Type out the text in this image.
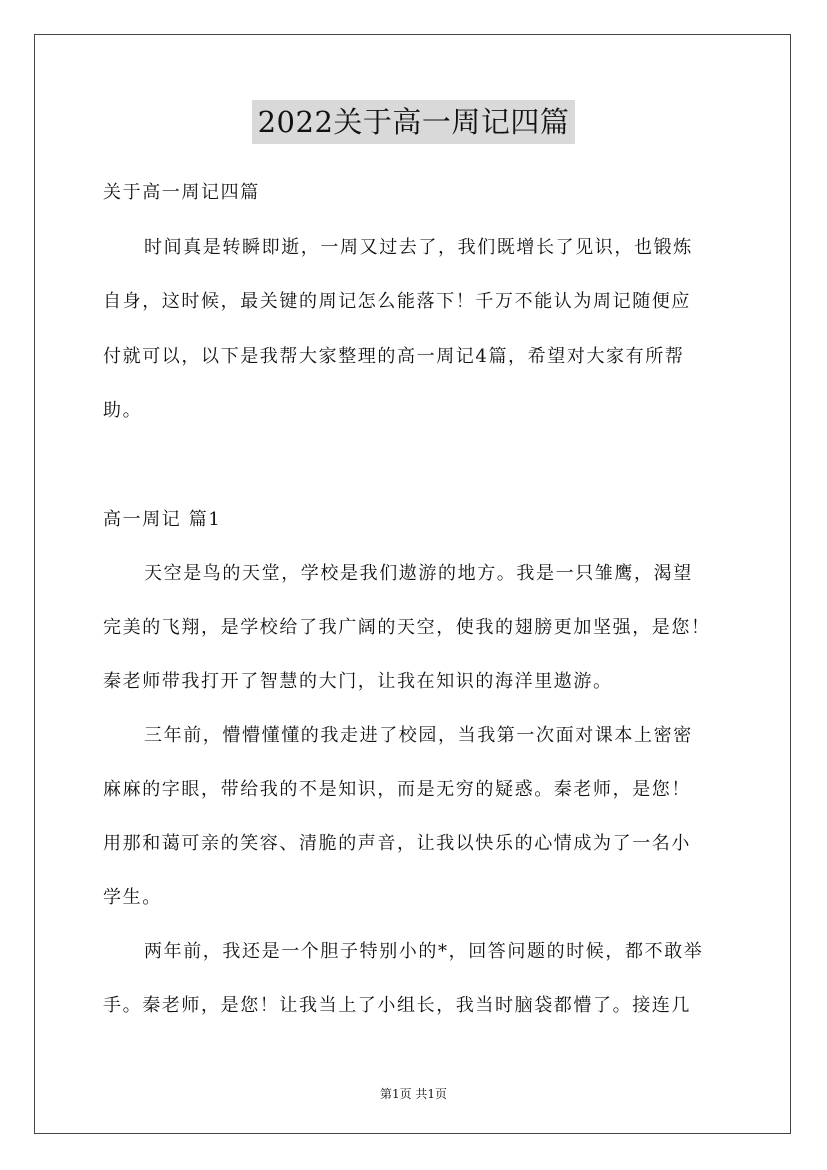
2022关于高一周记四篇
关于高一周记四篇
时间真是转瞬即逝，一周又过去了，我们既增长了见识，也锻炼
自身，这时候，最关键的周记怎么能落下！千万不能认为周记随便应
付就可以，以下是我帮大家整理的高一周记4篇，希望对大家有所帮
助。
高一周记 篇1
天空是鸟的天堂，学校是我们遨游的地方。我是一只雏鹰，渴望
完美的飞翔，是学校给了我广阔的天空，使我的翅膀更加坚强，是您！
秦老师带我打开了智慧的大门，让我在知识的海洋里遨游。
三年前，懵懵懂懂的我走进了校园，当我第一次面对课本上密密
麻麻的字眼，带给我的不是知识，而是无穷的疑惑。秦老师，是您！
用那和蔼可亲的笑容、清脆的声音，让我以快乐的心情成为了一名小
学生。
两年前，我还是一个胆子特别小的*，回答问题的时候，都不敢举
手。秦老师，是您！让我当上了小组长，我当时脑袋都懵了。接连几
第1页 共1页
